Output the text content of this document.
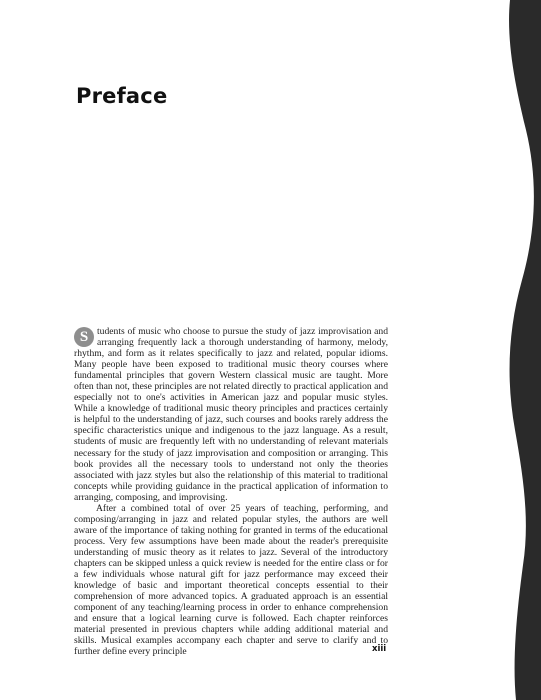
Preface

S tudents of music who choose to pursue the study of jazz improvisation and arranging frequently lack a thorough understanding of harmony, melody, rhythm, and form as it relates specifically to jazz and related, popular idioms. Many people have been exposed to traditional music theory courses where fundamental principles that govern Western classical music are taught. More often than not, these principles are not related directly to practical application and especially not to one's activities in American jazz and popular music styles. While a knowledge of traditional music theory principles and practices certainly is helpful to the understanding of jazz, such courses and books rarely address the specific characteristics unique and indigenous to the jazz language. As a result, students of music are frequently left with no understanding of relevant materials necessary for the study of jazz improvisation and composition or arranging. This book provides all the necessary tools to understand not only the theories associated with jazz styles but also the relationship of this material to traditional concepts while providing guidance in the practical application of information to arranging, composing, and improvising.

After a combined total of over 25 years of teaching, performing, and composing/arranging in jazz and related popular styles, the authors are well aware of the importance of taking nothing for granted in terms of the educational process. Very few assumptions have been made about the reader's prerequisite understanding of music theory as it relates to jazz. Several of the introductory chapters can be skipped unless a quick review is needed for the entire class or for a few individuals whose natural gift for jazz performance may exceed their knowledge of basic and important theoretical concepts essential to their comprehension of more advanced topics. A graduated approach is an essential component of any teaching/learning process in order to enhance comprehension and ensure that a logical learning curve is followed. Each chapter reinforces material presented in previous chapters while adding additional material and skills. Musical examples accompany each chapter and serve to clarify and to further define every principle	xiii
